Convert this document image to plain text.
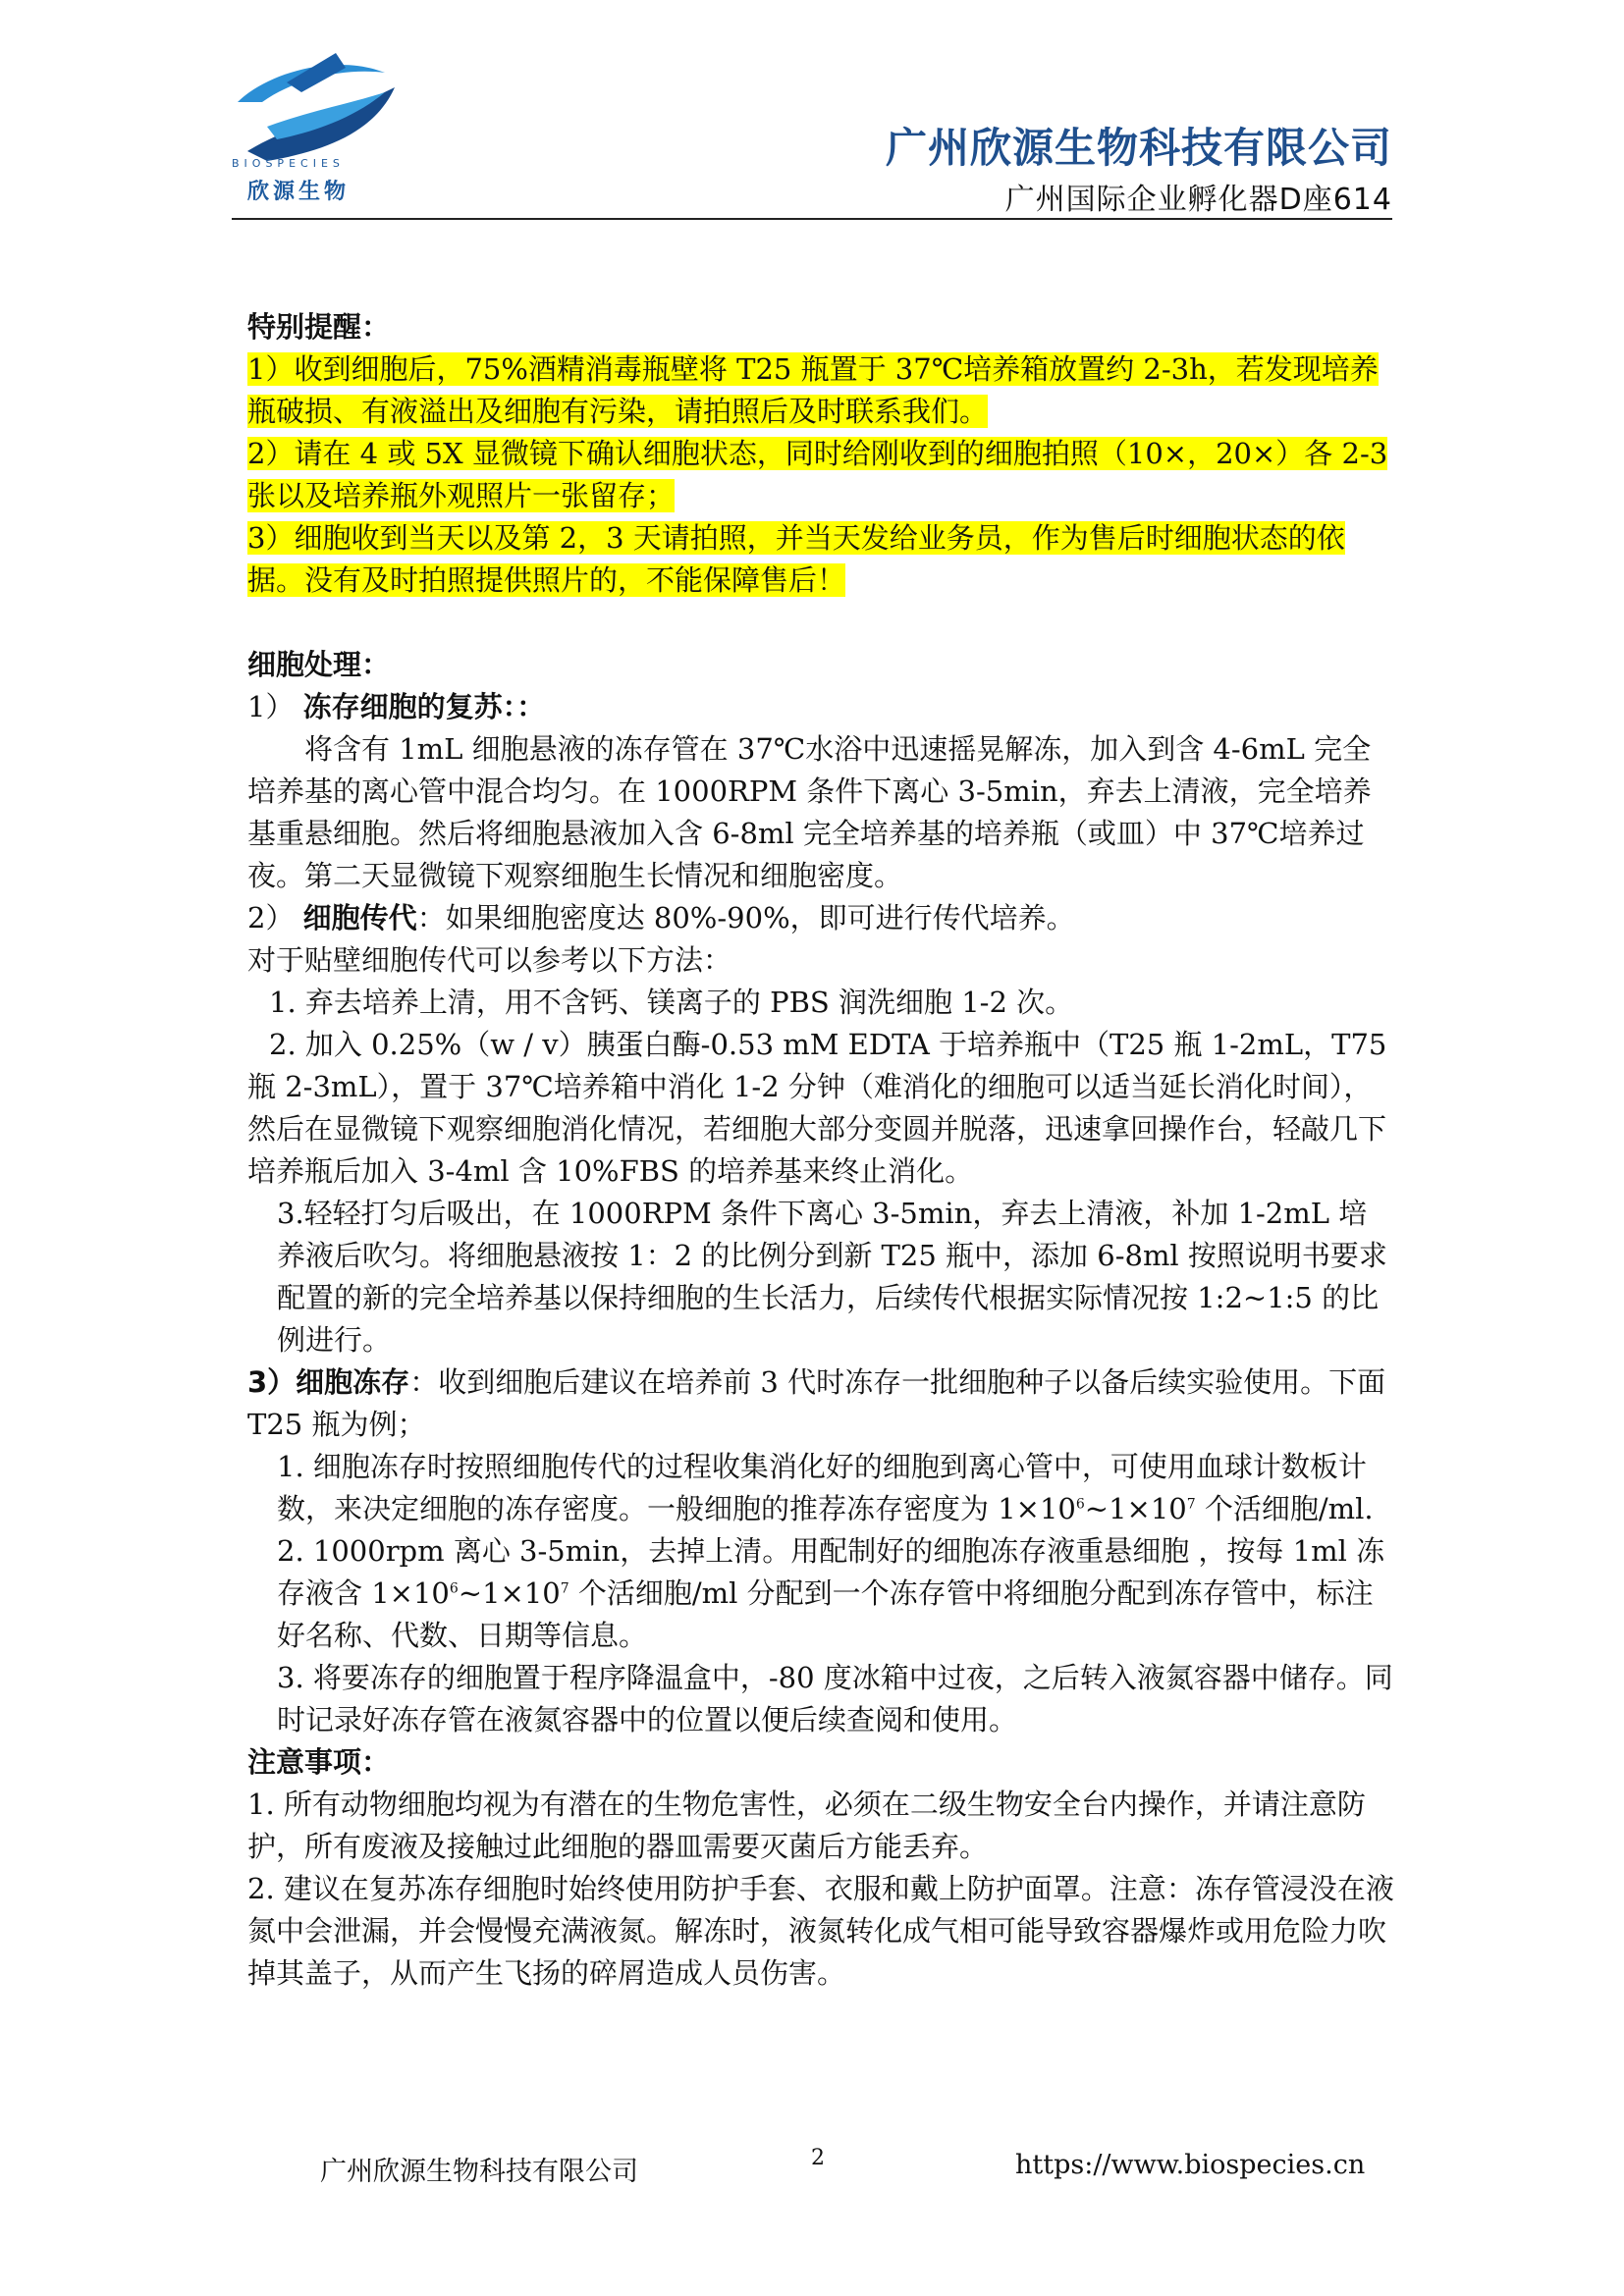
BIOSPECIES
欣源生物
广州欣源生物科技有限公司
广州国际企业孵化器D座614

特别提醒：

1）收到细胞后，75%酒精消毒瓶壁将 T25 瓶置于 37℃培养箱放置约 2-3h，若发现培养瓶破损、有液溢出及细胞有污染，请拍照后及时联系我们。

2）请在 4 或 5X 显微镜下确认细胞状态，同时给刚收到的细胞拍照（10×，20×）各 2-3 张以及培养瓶外观照片一张留存；

3）细胞收到当天以及第 2，3 天请拍照，并当天发给业务员，作为售后时细胞状态的依据。没有及时拍照提供照片的，不能保障售后！

细胞处理：

1） 冻存细胞的复苏：：

将含有 1mL 细胞悬液的冻存管在 37℃水浴中迅速摇晃解冻，加入到含 4-6mL 完全培养基的离心管中混合均匀。在 1000RPM 条件下离心 3-5min，弃去上清液，完全培养基重悬细胞。然后将细胞悬液加入含 6-8ml 完全培养基的培养瓶（或皿）中 37℃培养过夜。第二天显微镜下观察细胞生长情况和细胞密度。

2） 细胞传代：如果细胞密度达 80%-90%，即可进行传代培养。

对于贴壁细胞传代可以参考以下方法：

1. 弃去培养上清，用不含钙、镁离子的 PBS 润洗细胞 1-2 次。

2. 加入 0.25%（w / v）胰蛋白酶-0.53 mM EDTA 于培养瓶中（T25 瓶 1-2mL，T75 瓶 2-3mL），置于 37℃培养箱中消化 1-2 分钟（难消化的细胞可以适当延长消化时间），然后在显微镜下观察细胞消化情况，若细胞大部分变圆并脱落，迅速拿回操作台，轻敲几下培养瓶后加入 3-4ml 含 10%FBS 的培养基来终止消化。

3.轻轻打匀后吸出，在 1000RPM 条件下离心 3-5min，弃去上清液，补加 1-2mL 培养液后吹匀。将细胞悬液按 1：2 的比例分到新 T25 瓶中，添加 6-8ml 按照说明书要求配置的新的完全培养基以保持细胞的生长活力，后续传代根据实际情况按 1:2~1:5 的比例进行。

3）细胞冻存：收到细胞后建议在培养前 3 代时冻存一批细胞种子以备后续实验使用。下面 T25 瓶为例；

1. 细胞冻存时按照细胞传代的过程收集消化好的细胞到离心管中，可使用血球计数板计数，来决定细胞的冻存密度。一般细胞的推荐冻存密度为 $1\times 10^6\sim 1\times 10^7$ 个活细胞/ml.

2. 1000rpm 离心 3-5min，去掉上清。用配制好的细胞冻存液重悬细胞 ，按每 1ml 冻存液含 $1\times 10^6\sim 1\times 10^7$ 个活细胞/ml 分配到一个冻存管中将细胞分配到冻存管中，标注好名称、代数、日期等信息。

3. 将要冻存的细胞置于程序降温盒中，-80 度冰箱中过夜，之后转入液氮容器中储存。同时记录好冻存管在液氮容器中的位置以便后续查阅和使用。

注意事项：

1. 所有动物细胞均视为有潜在的生物危害性，必须在二级生物安全台内操作，并请注意防护，所有废液及接触过此细胞的器皿需要灭菌后方能丢弃。

2. 建议在复苏冻存细胞时始终使用防护手套、衣服和戴上防护面罩。注意：冻存管浸没在液氮中会泄漏，并会慢慢充满液氮。解冻时，液氮转化成气相可能导致容器爆炸或用危险力吹掉其盖子，从而产生飞扬的碎屑造成人员伤害。

广州欣源生物科技有限公司	2	https://www.biospecies.cn
